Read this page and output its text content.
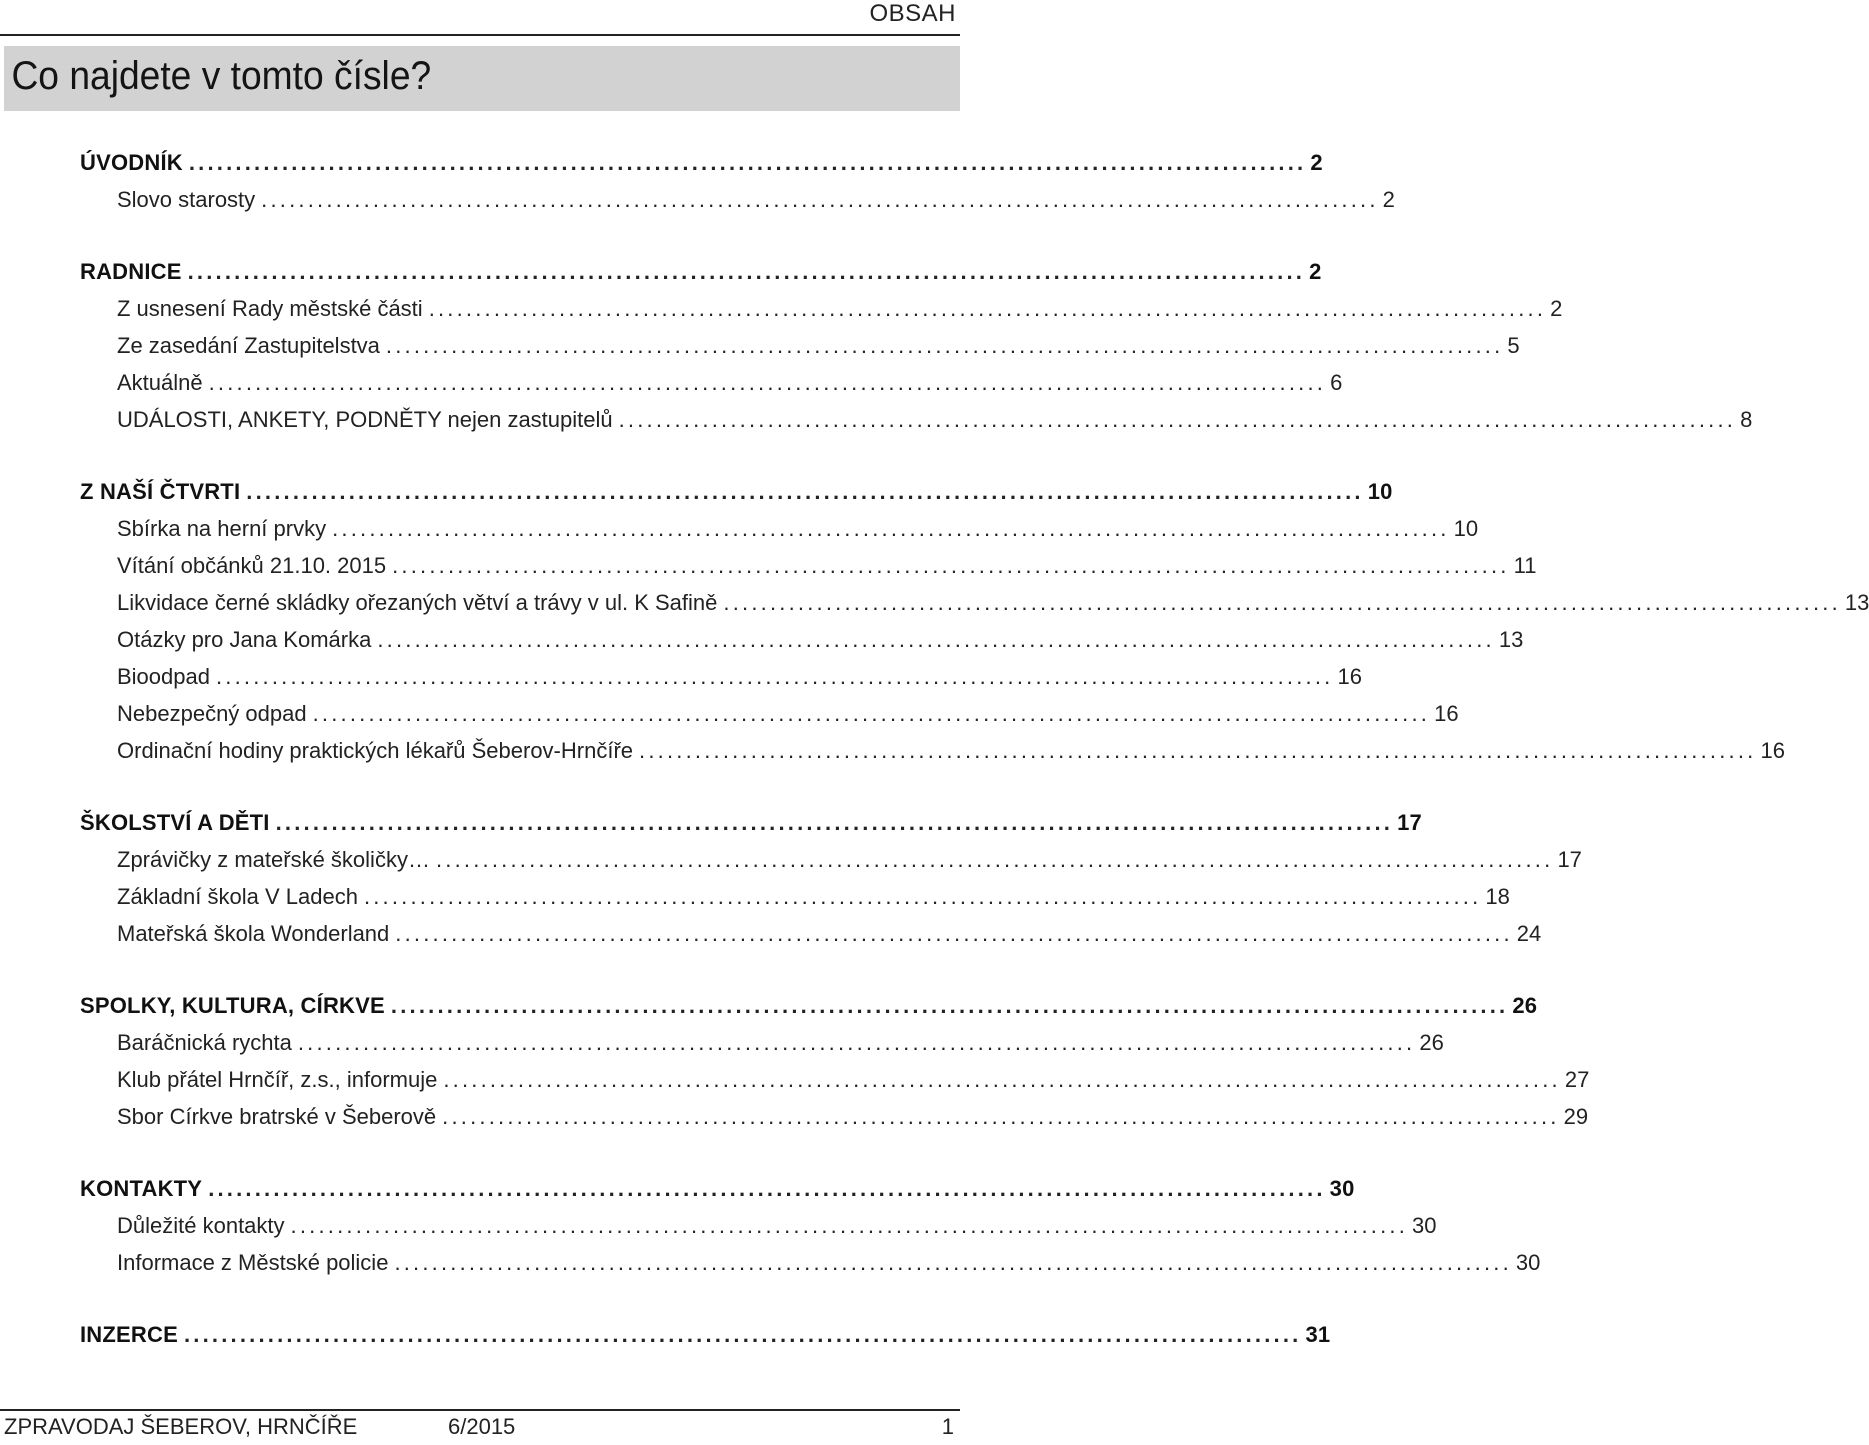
OBSAH
Co najdete v tomto čísle?
ÚVODNÍK ........................................................................................................................ 2
Slovo starosty ........................................................................................................................ 2
RADNICE ........................................................................................................................ 2
Z usnesení Rady městské části ........................................................................................................................ 2
Ze zasedání Zastupitelstva ........................................................................................................................ 5
Aktuálně ........................................................................................................................ 6
UDÁLOSTI, ANKETY, PODNĚTY nejen zastupitelů ........................................................................................................................ 8
Z NAŠÍ ČTVRTI ........................................................................................................................ 10
Sbírka na herní prvky ........................................................................................................................ 10
Vítání občánků 21.10. 2015 ........................................................................................................................ 11
Likvidace černé skládky ořezaných větví a trávy v ul. K Safině ........................................................................................................................ 13
Otázky pro Jana Komárka ........................................................................................................................ 13
Bioodpad ........................................................................................................................ 16
Nebezpečný odpad ........................................................................................................................ 16
Ordinační hodiny praktických lékařů Šeberov-Hrnčíře ........................................................................................................................ 16
ŠKOLSTVÍ A DĚTI ........................................................................................................................ 17
Zprávičky z mateřské školičky… ........................................................................................................................ 17
Základní škola V Ladech ........................................................................................................................ 18
Mateřská škola Wonderland ........................................................................................................................ 24
SPOLKY, KULTURA, CÍRKVE ........................................................................................................................ 26
Baráčnická rychta ........................................................................................................................ 26
Klub přátel Hrnčíř, z.s., informuje ........................................................................................................................ 27
Sbor Církve bratrské v Šeberově ........................................................................................................................ 29
KONTAKTY ........................................................................................................................ 30
Důležité kontakty ........................................................................................................................ 30
Informace z Městské policie ........................................................................................................................ 30
INZERCE ........................................................................................................................ 31
ZPRAVODAJ ŠEBEROV, HRNČÍŘE	6/2015	1
